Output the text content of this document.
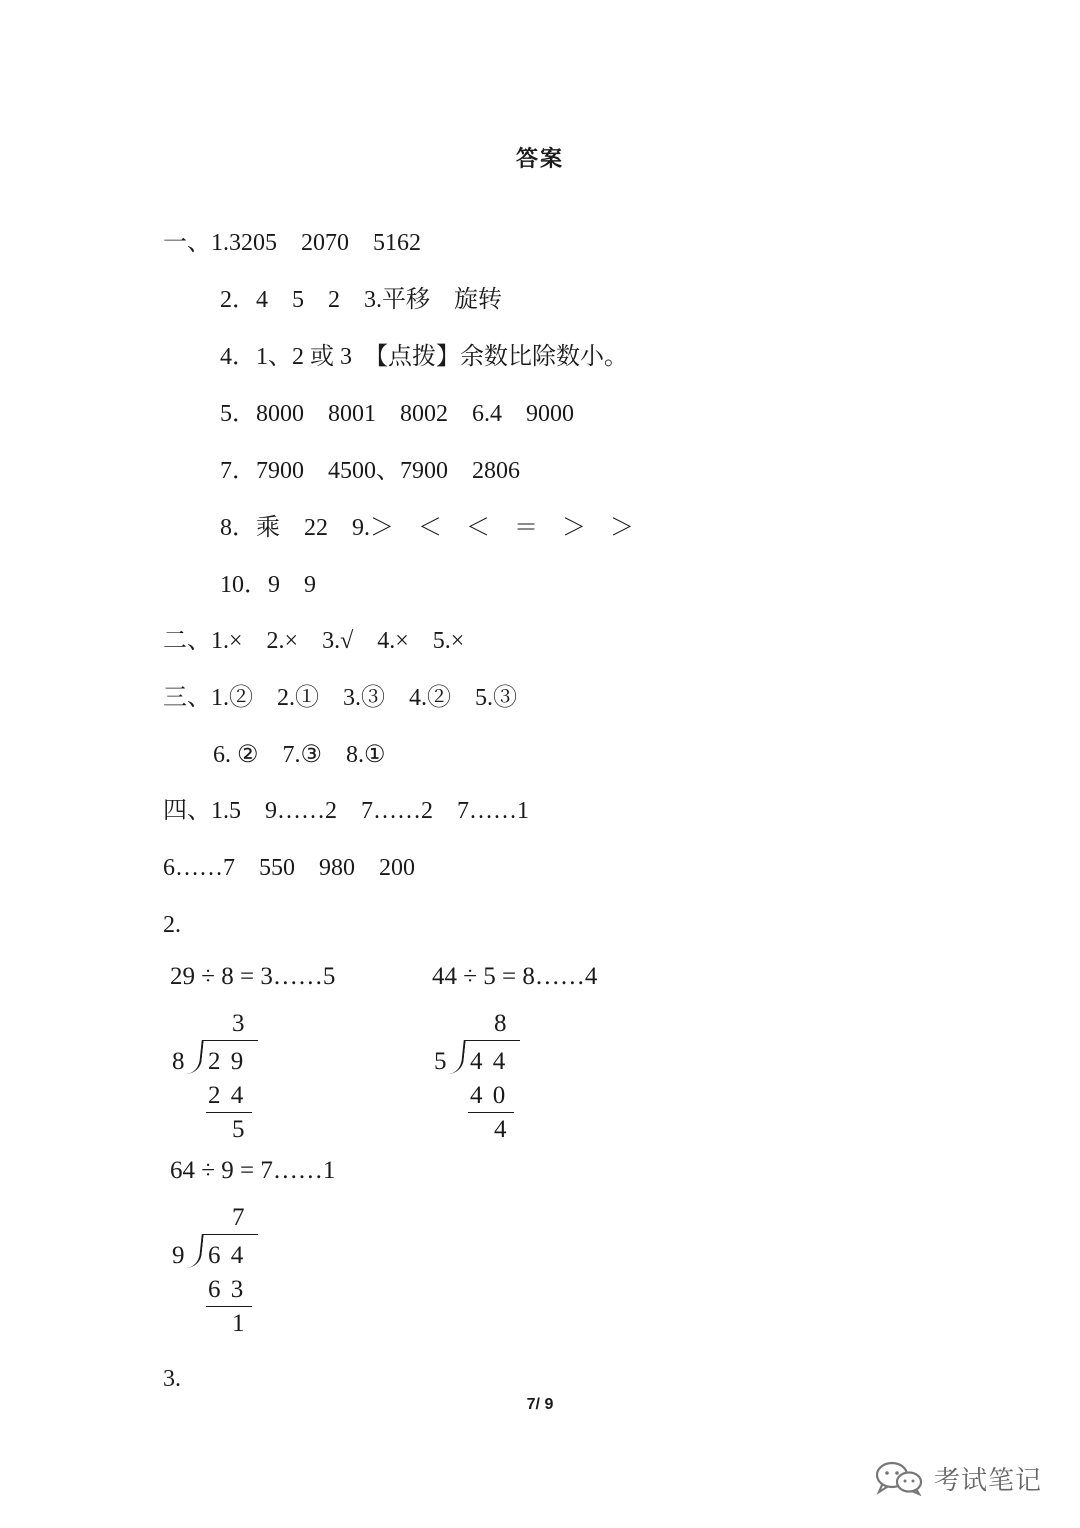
答案
一、1.3205　2070　5162
2．4　5　2　3.平移　旋转
4．1、2 或 3　【点拨】余数比除数小。
5．8000　8001　8002　6.4　9000
7．7900　4500、7900　2806
8．乘　22　9.＞　＜　＜　＝　＞　＞
10．9　9
二、1.×　2.×　3.√　4.×　5.×
三、1.②　2.①　3.③　4.②　5.③
6. ②　7.③　8.①
四、1.5　9……2　7……2　7……1
6……7　550　980　200
2.
29 ÷ 8 = 3……5
3
8 2 9
2 4
5
44 ÷ 5 = 8……4
8
5 4 4
4 0
4
64 ÷ 9 = 7……1
7
9 6 4
6 3
1
3.
7/ 9
考试笔记
